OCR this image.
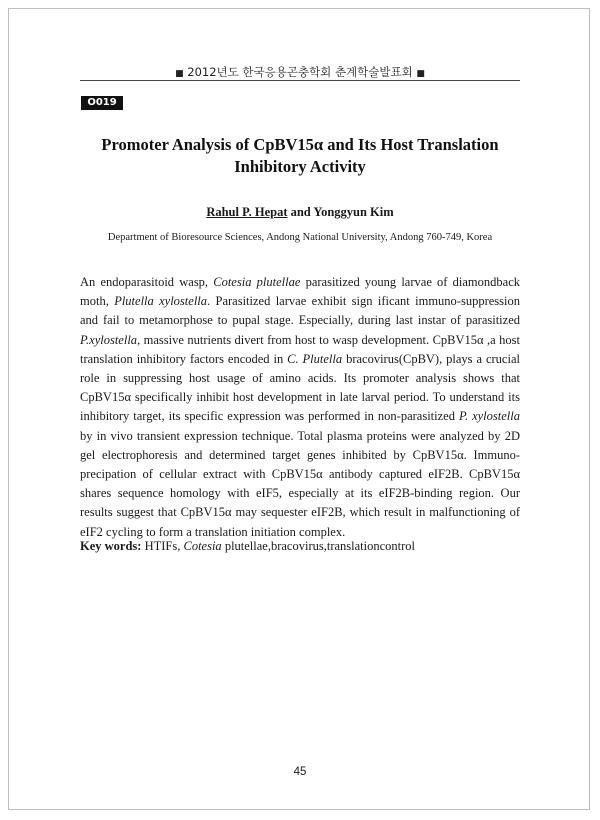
■ 2012년도 한국응용곤충학회 춘계학술발표회 ■
O019
Promoter Analysis of CpBV15α and Its Host Translation
Inhibitory Activity
Rahul P. Hepat and Yonggyun Kim
Department of Bioresource Sciences, Andong National University, Andong 760-749, Korea

An endoparasitoid wasp, Cotesia plutellae parasitized young larvae of diamondback moth, Plutella xylostella. Parasitized larvae exhibit sign ificant immuno-suppression and fail to metamorphose to pupal stage. Especially, during last instar of parasitized P.xylostella, massive nutrients divert from host to wasp development. CpBV15α ,a host translation inhibitory factors encoded in C. Plutella bracovirus(CpBV), plays a crucial role in suppressing host usage of amino acids. Its promoter analysis shows that CpBV15α specifically inhibit host development in late larval period. To understand its inhibitory target, its specific expression was performed in non-parasitized P. xylostella by in vivo transient expression technique. Total plasma proteins were analyzed by 2D gel electrophoresis and determined target genes inhibited by CpBV15α. Immuno-precipation of cellular extract with CpBV15α antibody captured eIF2B. CpBV15α shares sequence homology with eIF5, especially at its eIF2B-binding region. Our results suggest that CpBV15α may sequester eIF2B, which result in malfunctioning of eIF2 cycling to form a translation initiation complex.

Key words: HTIFs, Cotesia plutellae,bracovirus,translationcontrol
45
